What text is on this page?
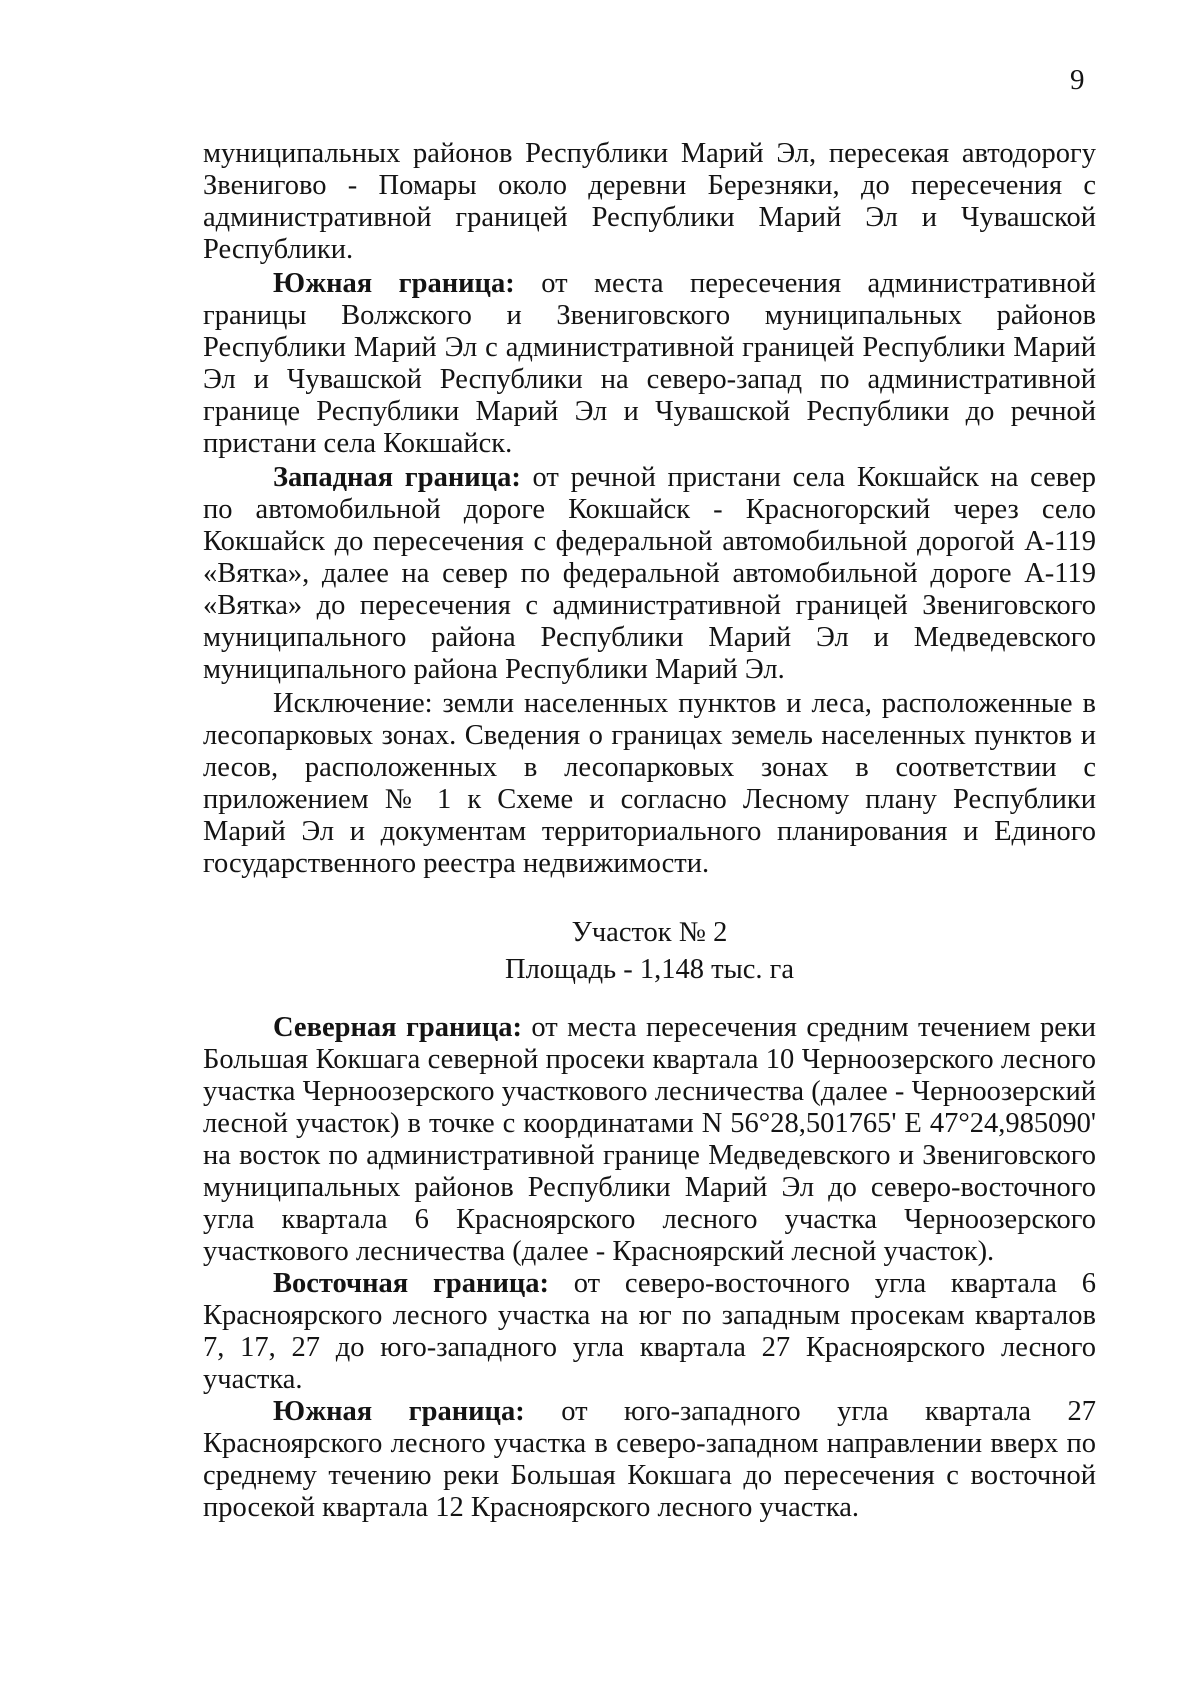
9

муниципальных районов Республики Марий Эл, пересекая автодорогу Звенигово - Помары около деревни Березняки, до пересечения с административной границей Республики Марий Эл и Чувашской Республики.

Южная граница: от места пересечения административной границы Волжского и Звениговского муниципальных районов Республики Марий Эл с административной границей Республики Марий Эл и Чувашской Республики на северо-запад по административной границе Республики Марий Эл и Чувашской Республики до речной пристани села Кокшайск.

Западная граница: от речной пристани села Кокшайск на север по автомобильной дороге Кокшайск - Красногорский через село Кокшайск до пересечения с федеральной автомобильной дорогой А-119 «Вятка», далее на север по федеральной автомобильной дороге А-119 «Вятка» до пересечения с административной границей Звениговского муниципального района Республики Марий Эл и Медведевского муниципального района Республики Марий Эл.

Исключение: земли населенных пунктов и леса, расположенные в лесопарковых зонах. Сведения о границах земель населенных пунктов и лесов, расположенных в лесопарковых зонах в соответствии с приложением № 1 к Схеме и согласно Лесному плану Республики Марий Эл и документам территориального планирования и Единого государственного реестра недвижимости.

Участок № 2
Площадь - 1,148 тыс. га

Северная граница: от места пересечения средним течением реки Большая Кокшага северной просеки квартала 10 Черноозерского лесного участка Черноозерского участкового лесничества (далее - Черноозерский лесной участок) в точке с координатами N 56°28,501765' E 47°24,985090' на восток по административной границе Медведевского и Звениговского муниципальных районов Республики Марий Эл до северо-восточного угла квартала 6 Красноярского лесного участка Черноозерского участкового лесничества (далее - Красноярский лесной участок).

Восточная граница: от северо-восточного угла квартала 6 Красноярского лесного участка на юг по западным просекам кварталов 7, 17, 27 до юго-западного угла квартала 27 Красноярского лесного участка.

Южная граница: от юго-западного угла квартала 27 Красноярского лесного участка в северо-западном направлении вверх по среднему течению реки Большая Кокшага до пересечения с восточной просекой квартала 12 Красноярского лесного участка.
